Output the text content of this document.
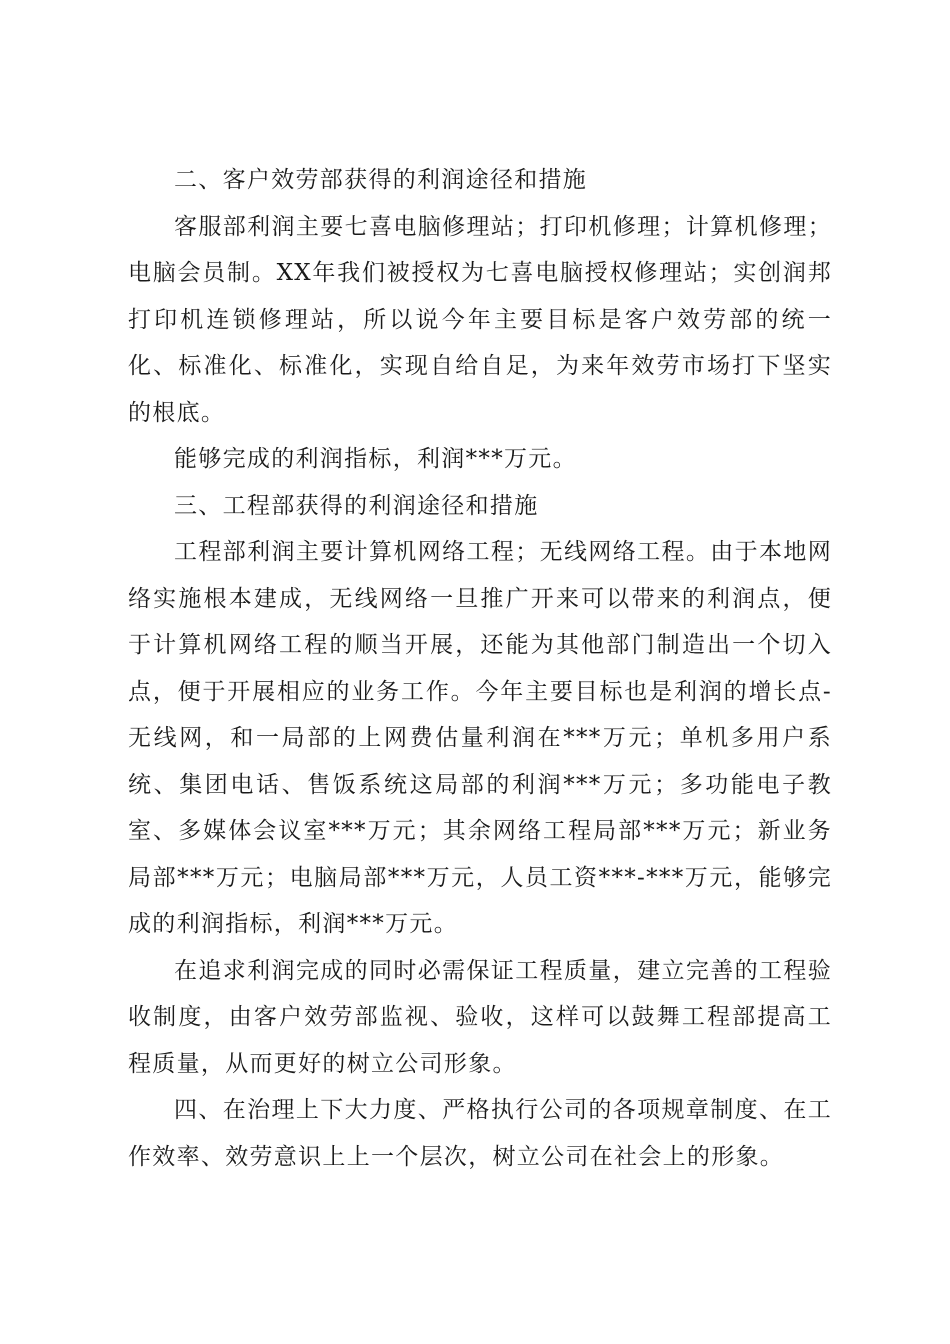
二、客户效劳部获得的利润途径和措施

客服部利润主要七喜电脑修理站；打印机修理；计算机修理；电脑会员制。XX年我们被授权为七喜电脑授权修理站；实创润邦打印机连锁修理站，所以说今年主要目标是客户效劳部的统一化、标准化、标准化，实现自给自足，为来年效劳市场打下坚实的根底。

能够完成的利润指标，利润***万元。

三、工程部获得的利润途径和措施

工程部利润主要计算机网络工程；无线网络工程。由于本地网络实施根本建成，无线网络一旦推广开来可以带来的利润点，便于计算机网络工程的顺当开展，还能为其他部门制造出一个切入点，便于开展相应的业务工作。今年主要目标也是利润的增长点-无线网，和一局部的上网费估量利润在***万元；单机多用户系统、集团电话、售饭系统这局部的利润***万元；多功能电子教室、多媒体会议室***万元；其余网络工程局部***万元；新业务局部***万元；电脑局部***万元，人员工资***-***万元，能够完成的利润指标，利润***万元。

在追求利润完成的同时必需保证工程质量，建立完善的工程验收制度，由客户效劳部监视、验收，这样可以鼓舞工程部提高工程质量，从而更好的树立公司形象。

四、在治理上下大力度、严格执行公司的各项规章制度、在工作效率、效劳意识上上一个层次，树立公司在社会上的形象。
